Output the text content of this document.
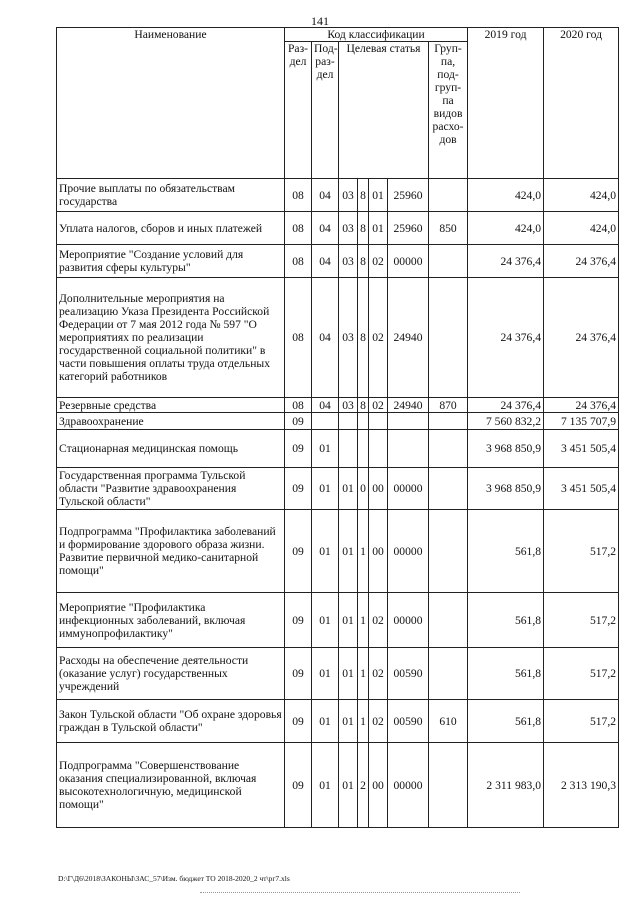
141
Наименование	Код классификации							2019 год	2020 год
	Раз-дел	Под-раз-дел	Целевая статья				Груп-па, под-груп-па видов расхо-дов		
Прочие выплаты по обязательствам государства	08	04	03	8	01	25960		424,0	424,0
Уплата налогов, сборов и иных платежей	08	04	03	8	01	25960	850	424,0	424,0
Мероприятие "Создание условий для развития сферы культуры"	08	04	03	8	02	00000		24 376,4	24 376,4
Дополнительные мероприятия на реализацию Указа Президента Российской Федерации от 7 мая 2012 года № 597 "О мероприятиях по реализации государственной социальной политики" в части повышения оплаты труда отдельных категорий работников	08	04	03	8	02	24940		24 376,4	24 376,4
Резервные средства	08	04	03	8	02	24940	870	24 376,4	24 376,4
Здравоохранение	09							7 560 832,2	7 135 707,9
Стационарная медицинская помощь	09	01						3 968 850,9	3 451 505,4
Государственная программа Тульской области "Развитие здравоохранения Тульской области"	09	01	01	0	00	00000		3 968 850,9	3 451 505,4
Подпрограмма "Профилактика заболеваний и формирование здорового образа жизни. Развитие первичной медико-санитарной помощи"	09	01	01	1	00	00000		561,8	517,2
Мероприятие "Профилактика инфекционных заболеваний, включая иммунопрофилактику"	09	01	01	1	02	00000		561,8	517,2
Расходы на обеспечение деятельности (оказание услуг) государственных учреждений	09	01	01	1	02	00590		561,8	517,2
Закон Тульской области "Об охране здоровья граждан в Тульской области"	09	01	01	1	02	00590	610	561,8	517,2
Подпрограмма "Совершенствование оказания специализированной, включая высокотехнологичную, медицинской помощи"	09	01	01	2	00	00000		2 311 983,0	2 313 190,3
D:\Г\Д6\2018\ЗАКОНЫ\ЗАС_57\Изм. бюджет ТО 2018-2020_2 чт\рг7.xls
